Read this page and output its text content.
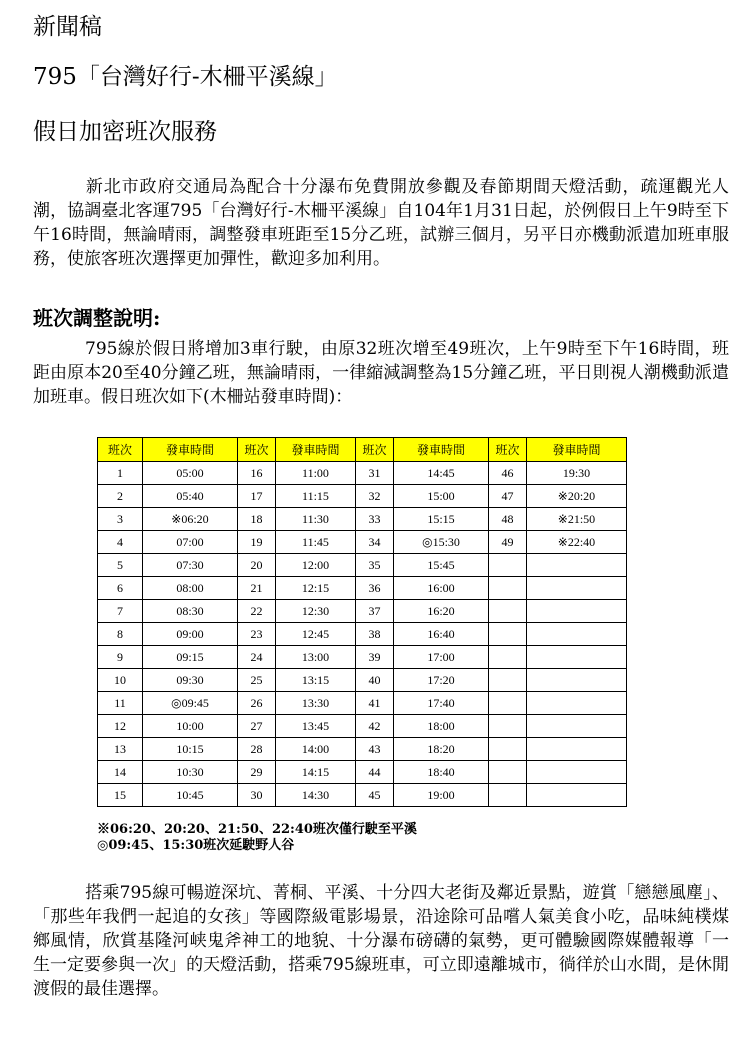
新聞稿
795「台灣好行-木柵平溪線」
假日加密班次服務

新北市政府交通局為配合十分瀑布免費開放參觀及春節期間天燈活動，疏運觀光人潮，協調臺北客運795「台灣好行-木柵平溪線」自104年1月31日起，於例假日上午9時至下午16時間，無論晴雨，調整發車班距至15分乙班，試辦三個月，另平日亦機動派遣加班車服務，使旅客班次選擇更加彈性，歡迎多加利用。

班次調整說明:

795線於假日將增加3車行駛，由原32班次增至49班次，上午9時至下午16時間，班距由原本20至40分鐘乙班，無論晴雨，一律縮減調整為15分鐘乙班，平日則視人潮機動派遣加班車。假日班次如下(木柵站發車時間)：

班次	發車時間	班次	發車時間	班次	發車時間	班次	發車時間
1	05:00	16	11:00	31	14:45	46	19:30
2	05:40	17	11:15	32	15:00	47	※20:20
3	※06:20	18	11:30	33	15:15	48	※21:50
4	07:00	19	11:45	34	◎15:30	49	※22:40
5	07:30	20	12:00	35	15:45		
6	08:00	21	12:15	36	16:00		
7	08:30	22	12:30	37	16:20		
8	09:00	23	12:45	38	16:40		
9	09:15	24	13:00	39	17:00		
10	09:30	25	13:15	40	17:20		
11	◎09:45	26	13:30	41	17:40		
12	10:00	27	13:45	42	18:00		
13	10:15	28	14:00	43	18:20		
14	10:30	29	14:15	44	18:40		
15	10:45	30	14:30	45	19:00		
※06:20、20:20、21:50、22:40班次僅行駛至平溪
◎09:45、15:30班次延駛野人谷

搭乘795線可暢遊深坑、菁桐、平溪、十分四大老街及鄰近景點，遊賞「戀戀風塵」、「那些年我們一起追的女孩」等國際級電影場景，沿途除可品嚐人氣美食小吃，品味純樸煤鄉風情，欣賞基隆河峡鬼斧神工的地貌、十分瀑布磅礴的氣勢，更可體驗國際媒體報導「一生一定要參與一次」的天燈活動，搭乘795線班車，可立即遠離城市，徜徉於山水間，是休閒渡假的最佳選擇。
